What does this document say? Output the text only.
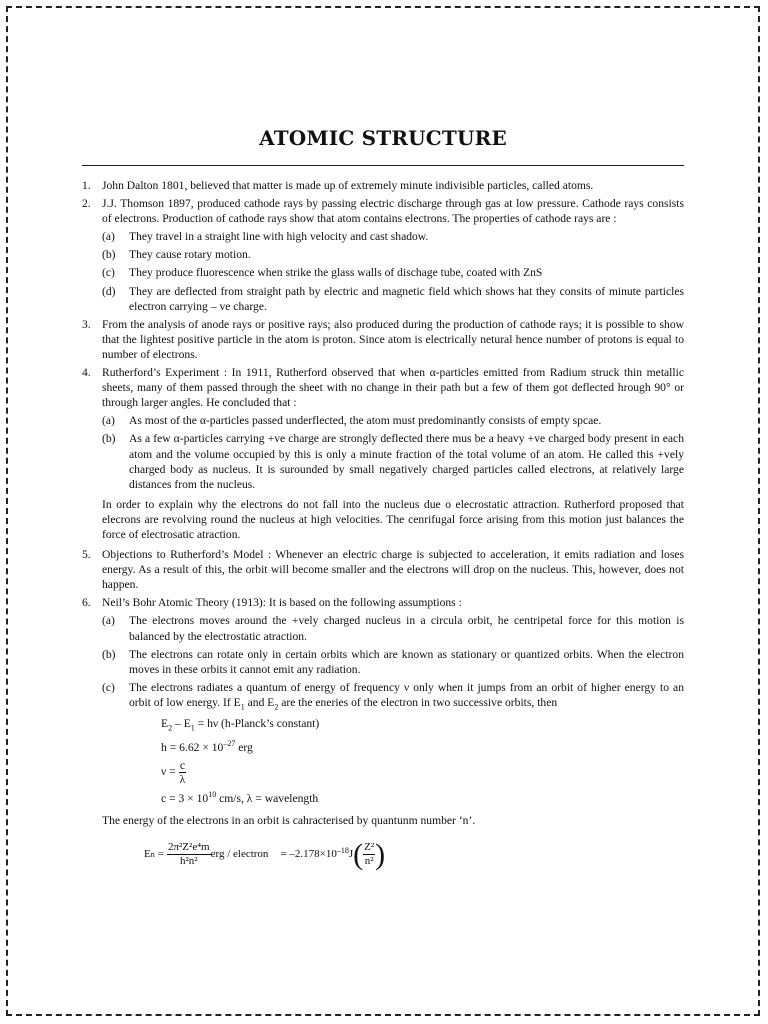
ATOMIC STRUCTURE
1. John Dalton 1801, believed that matter is made up of extremely minute indivisible particles, called atoms.
2. J.J. Thomson 1897, produced cathode rays by passing electric discharge through gas at low pressure. Cathode rays consists of electrons. Production of cathode rays show that atom contains electrons. The properties of cathode rays are :
(a) They travel in a straight line with high velocity and cast shadow.
(b) They cause rotary motion.
(c) They produce fluorescence when strike the glass walls of dischage tube, coated with ZnS
(d) They are deflected from straight path by electric and magnetic field which shows hat they consits of minute particles electron carrying – ve charge.
3. From the analysis of anode rays or positive rays; also produced during the production of cathode rays; it is possible to show that the lightest positive particle in the atom is proton. Since atom is electrically netural hence number of protons is equal to number of electrons.
4. Rutherford’s Experiment : In 1911, Rutherford observed that when α-particles emitted from Radium struck thin metallic sheets, many of them passed through the sheet with no change in their path but a few of them got deflected hrough 90° or through larger angles. He concluded that :
(a) As most of the α-particles passed underflected, the atom must predominantly consists of empty spcae.
(b) As a few α-particles carrying +ve charge are strongly deflected there mus be a heavy +ve charged body present in each atom and the volume occupied by this is only a minute fraction of the total volume of an atom. He called this +vely charged body as nucleus. It is surounded by small negatively charged particles called electrons, at relatively large distances from the nucleus.
In order to explain why the electrons do not fall into the nucleus due o elecrostatic attraction. Rutherford proposed that elecrons are revolving round the nucleus at high velocities. The cenrifugal force arising from this motion just balances the force of electrosatic atraction.
5. Objections to Rutherford’s Model : Whenever an electric charge is subjected to acceleration, it emits radiation and loses energy. As a result of this, the orbit will become smaller and the electrons will drop on the nucleus. This, however, does not happen.
6. Neil’s Bohr Atomic Theory (1913): It is based on the following assumptions :
(a) The electrons moves around the +vely charged nucleus in a circula orbit, he centripetal force for this motion is balanced by the electrostatic atraction.
(b) The electrons can rotate only in certain orbits which are known as stationary or quantized orbits. When the electron moves in these orbits it cannot emit any radiation.
(c) The electrons radiates a quantum of energy of frequency ν only when it jumps from an orbit of higher energy to an orbit of low energy. If $E_1$ and $E_2$ are the eneries of the electron in two successive orbits, then
$E_2 - E_1 = h\nu$ (h-Planck’s constant)
$h = 6.62 \times 10^{-27}$ erg
$\nu = \frac{c}{\lambda}$
$c = 3 \times 10^{10}$ cm/s, λ = wavelength
The energy of the electrons in an orbit is cahracterised by quantunm number ‘n’.
E $n = \frac{\text{2π²Z²e⁴m}}{\text{h²n²}}$ erg / electron = $-2.178\times 10^{-18}$ J ( $\frac{\text{Z²}}{\text{n²}}$ )
